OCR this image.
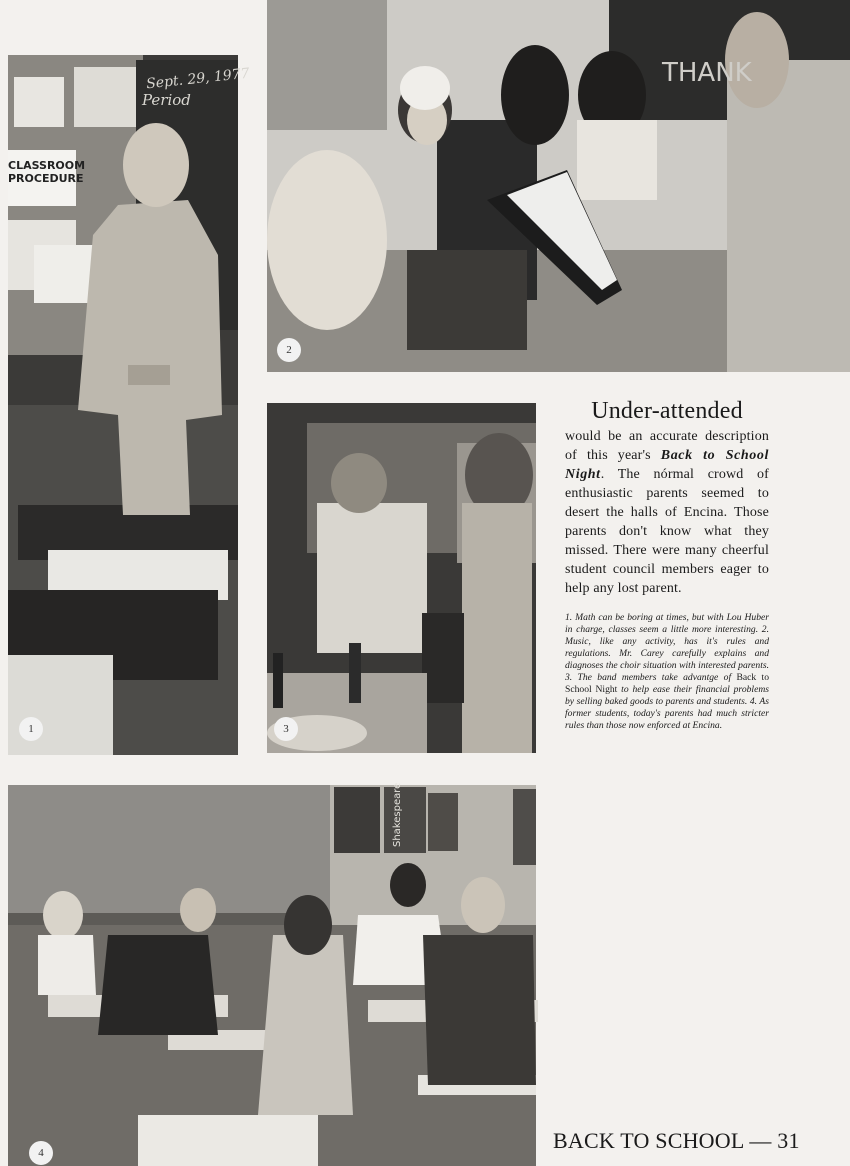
Sept. 29, 1977
Period
CLASSROOM
PROCEDURE
1
THANK
2
3
Shakespeare
4
Under-attended

would be an accurate description of this year's Back to School Night. The nórmal crowd of enthusiastic parents seemed to desert the halls of Encina. Those parents don't know what they missed. There were many cheerful student council members eager to help any lost parent.

1. Math can be boring at times, but with Lou Huber in charge, classes seem a little more interesting. 2. Music, like any activity, has it's rules and regulations. Mr. Carey carefully explains and diagnoses the choir situation with interested parents. 3. The band members take advantge of Back to School Night to help ease their financial problems by selling baked goods to parents and students. 4. As former students, today's parents had much stricter rules than those now enforced at Encina.

BACK TO SCHOOL — 31
